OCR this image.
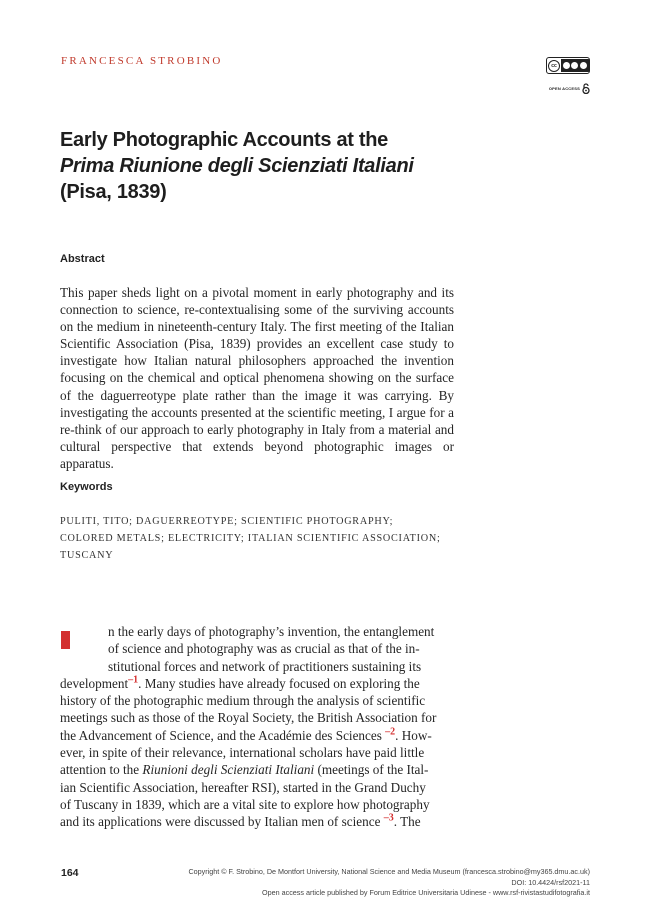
FRANCESCA STROBINO	cc
OPEN ACCESS
Early Photographic Accounts at the
Prima Riunione degli Scienziati Italiani
(Pisa, 1839)
Abstract

This paper sheds light on a pivotal moment in early photography and its connection to science, re-contextualising some of the surviving accounts on the medium in nineteenth-century Italy. The first meeting of the Italian Scientific Association (Pisa, 1839) provides an excellent case study to investigate how Italian natural philosophers approached the invention focusing on the chemical and optical phenomena showing on the surface of the daguerreotype plate rather than the image it was carrying. By investigating the accounts presented at the scientific meeting, I argue for a re-think of our approach to early photography in Italy from a material and cultural perspective that extends beyond photographic images or apparatus.

Keywords

PULITI, TITO; DAGUERREOTYPE; SCIENTIFIC PHOTOGRAPHY;
COLORED METALS; ELECTRICITY; ITALIAN SCIENTIFIC ASSOCIATION;
TUSCANY

n the early days of photography’s invention, the entanglement
of science and photography was as crucial as that of the in-
stitutional forces and network of practitioners sustaining its
development$^{-1}$. Many studies have already focused on exploring the
history of the photographic medium through the analysis of scientific
meetings such as those of the Royal Society, the British Association for
the Advancement of Science, and the Académie des Sciences $^{-2}$. How-
ever, in spite of their relevance, international scholars have paid little
attention to the Riunioni degli Scienziati Italiani (meetings of the Ital-
ian Scientific Association, hereafter RSI), started in the Grand Duchy
of Tuscany in 1839, which are a vital site to explore how photography
and its applications were discussed by Italian men of science $^{-3}$. The

164	Copyright © F. Strobino, De Montfort University, National Science and Media Museum (francesca.strobino@my365.dmu.ac.uk)
DOI: 10.4424/rsf2021-11
Open access article published by Forum Editrice Universitaria Udinese - www.rsf-rivistastudifotografia.it
